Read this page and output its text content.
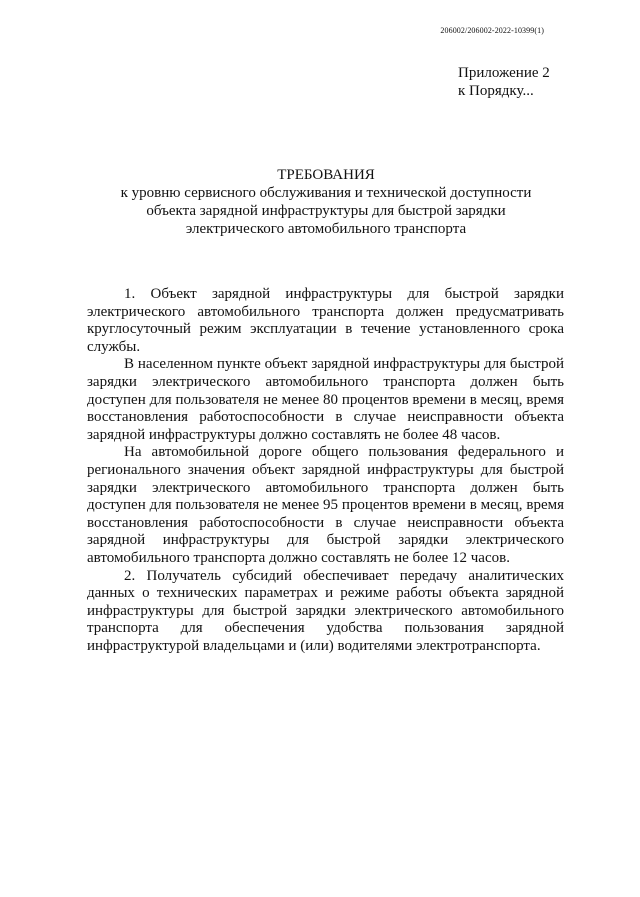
206002/206002-2022-10399(1)
Приложение 2
к Порядку...
ТРЕБОВАНИЯ
к уровню сервисного обслуживания и технической доступности
объекта зарядной инфраструктуры для быстрой зарядки
электрического автомобильного транспорта

1. Объект зарядной инфраструктуры для быстрой зарядки электрического автомобильного транспорта должен предусматривать круглосуточный режим эксплуатации в течение установленного срока службы.

В населенном пункте объект зарядной инфраструктуры для быстрой зарядки электрического автомобильного транспорта должен быть доступен для пользователя не менее 80 процентов времени в месяц, время восстановления работоспособности в случае неисправности объекта зарядной инфраструктуры должно составлять не более 48 часов.

На автомобильной дороге общего пользования федерального и регионального значения объект зарядной инфраструктуры для быстрой зарядки электрического автомобильного транспорта должен быть доступен для пользователя не менее 95 процентов времени в месяц, время восстановления работоспособности в случае неисправности объекта зарядной инфраструктуры для быстрой зарядки электрического автомобильного транспорта должно составлять не более 12 часов.

2. Получатель субсидий обеспечивает передачу аналитических данных о технических параметрах и режиме работы объекта зарядной инфраструктуры для быстрой зарядки электрического автомобильного транспорта для обеспечения удобства пользования зарядной инфраструктурой владельцами и (или) водителями электротранспорта.
